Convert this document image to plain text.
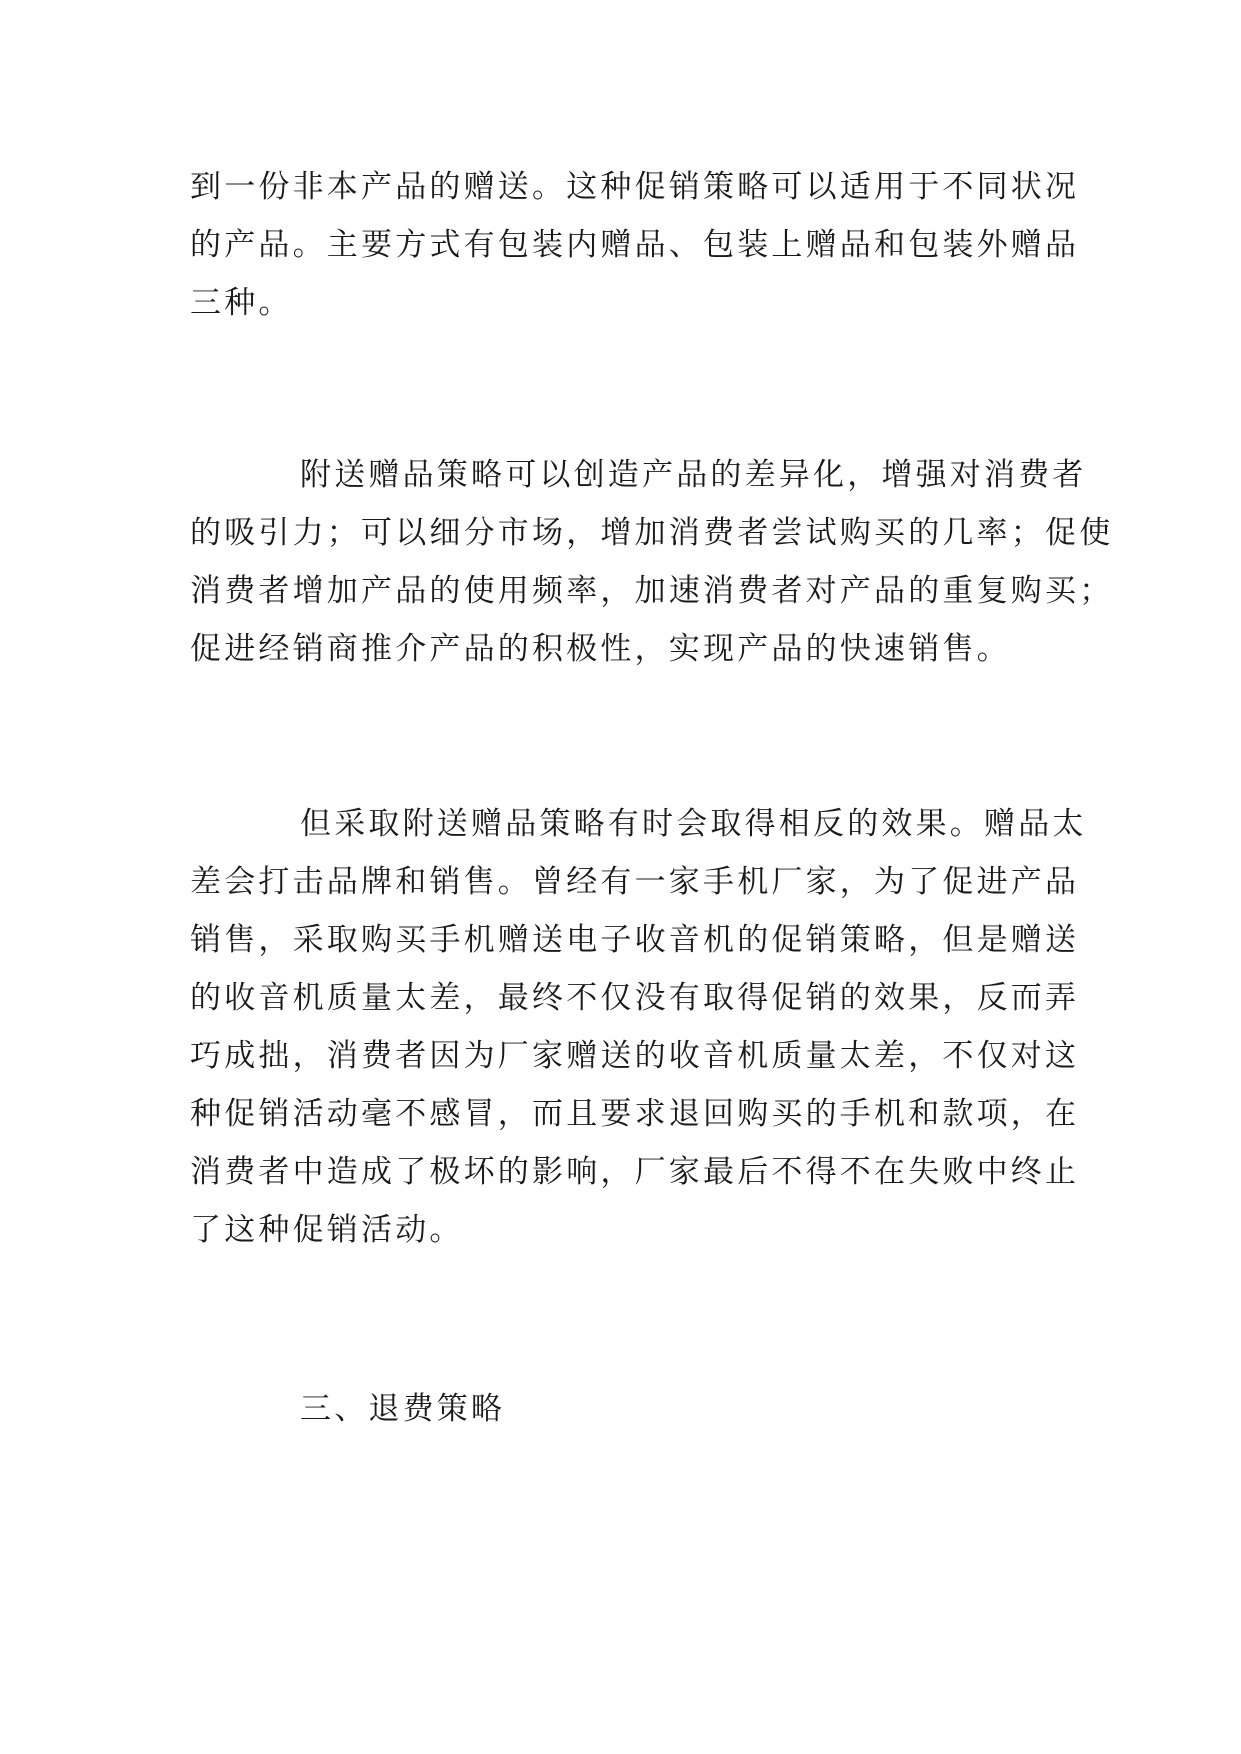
到一份非本产品的赠送。这种促销策略可以适用于不同状况
的产品。主要方式有包装内赠品、包装上赠品和包装外赠品
三种。

附送赠品策略可以创造产品的差异化，增强对消费者
的吸引力；可以细分市场，增加消费者尝试购买的几率；促使
消费者增加产品的使用频率，加速消费者对产品的重复购买；
促进经销商推介产品的积极性，实现产品的快速销售。

但采取附送赠品策略有时会取得相反的效果。赠品太
差会打击品牌和销售。曾经有一家手机厂家，为了促进产品
销售，采取购买手机赠送电子收音机的促销策略，但是赠送
的收音机质量太差，最终不仅没有取得促销的效果，反而弄
巧成拙，消费者因为厂家赠送的收音机质量太差，不仅对这
种促销活动毫不感冒，而且要求退回购买的手机和款项，在
消费者中造成了极坏的影响，厂家最后不得不在失败中终止
了这种促销活动。

三、退费策略
